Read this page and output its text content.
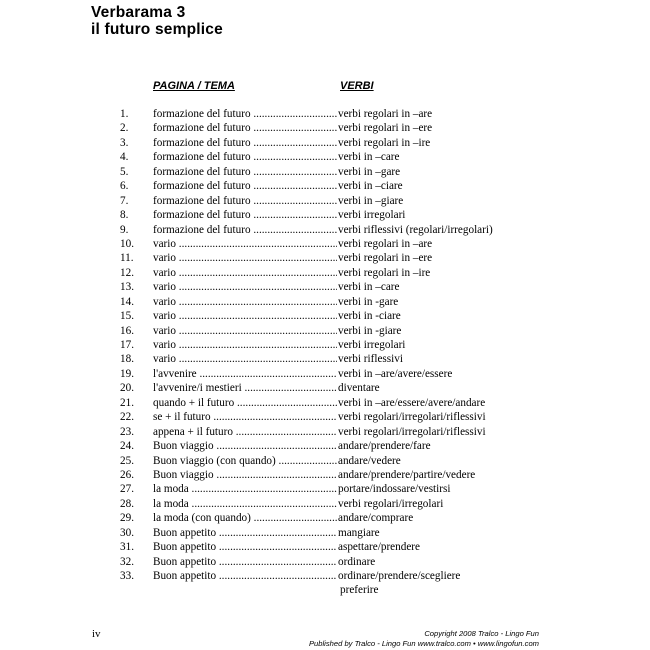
Verbarama 3
il futuro semplice
PAGINA / TEMA	VERBI
1. formazione del futuro .....	verbi regolari in –are
2. formazione del futuro .....	verbi regolari in –ere
3. formazione del futuro .....	verbi regolari in –ire
4. formazione del futuro .....	verbi in –care
5. formazione del futuro .....	verbi in –gare
6. formazione del futuro .....	verbi in –ciare
7. formazione del futuro .....	verbi in –giare
8. formazione del futuro .....	verbi irregolari
9. formazione del futuro .....	verbi riflessivi (regolari/irregolari)
10. vario .....	verbi regolari in –are
11. vario .....	verbi regolari in –ere
12. vario .....	verbi regolari in –ire
13. vario .....	verbi in –care
14. vario .....	verbi in -gare
15. vario .....	verbi in -ciare
16. vario .....	verbi in -giare
17. vario .....	verbi irregolari
18. vario .....	verbi riflessivi
19. l'avvenire .....	verbi in –are/avere/essere
20. l'avvenire/i mestieri .....	diventare
21. quando + il futuro .....	verbi in –are/essere/avere/andare
22. se + il futuro .....	verbi regolari/irregolari/riflessivi
23. appena + il futuro .....	verbi regolari/irregolari/riflessivi
24. Buon viaggio .....	andare/prendere/fare
25. Buon viaggio (con quando) .....	andare/vedere
26. Buon viaggio .....	andare/prendere/partire/vedere
27. la moda .....	portare/indossare/vestirsi
28. la moda .....	verbi regolari/irregolari
29. la moda (con quando) .....	andare/comprare
30. Buon appetito .....	mangiare
31. Buon appetito .....	aspettare/prendere
32. Buon appetito .....	ordinare
33. Buon appetito .....	ordinare/prendere/scegliere
preferire
iv	Copyright 2008 Tralco - Lingo Fun
Published by Tralco - Lingo Fun www.tralco.com • www.lingofun.com
